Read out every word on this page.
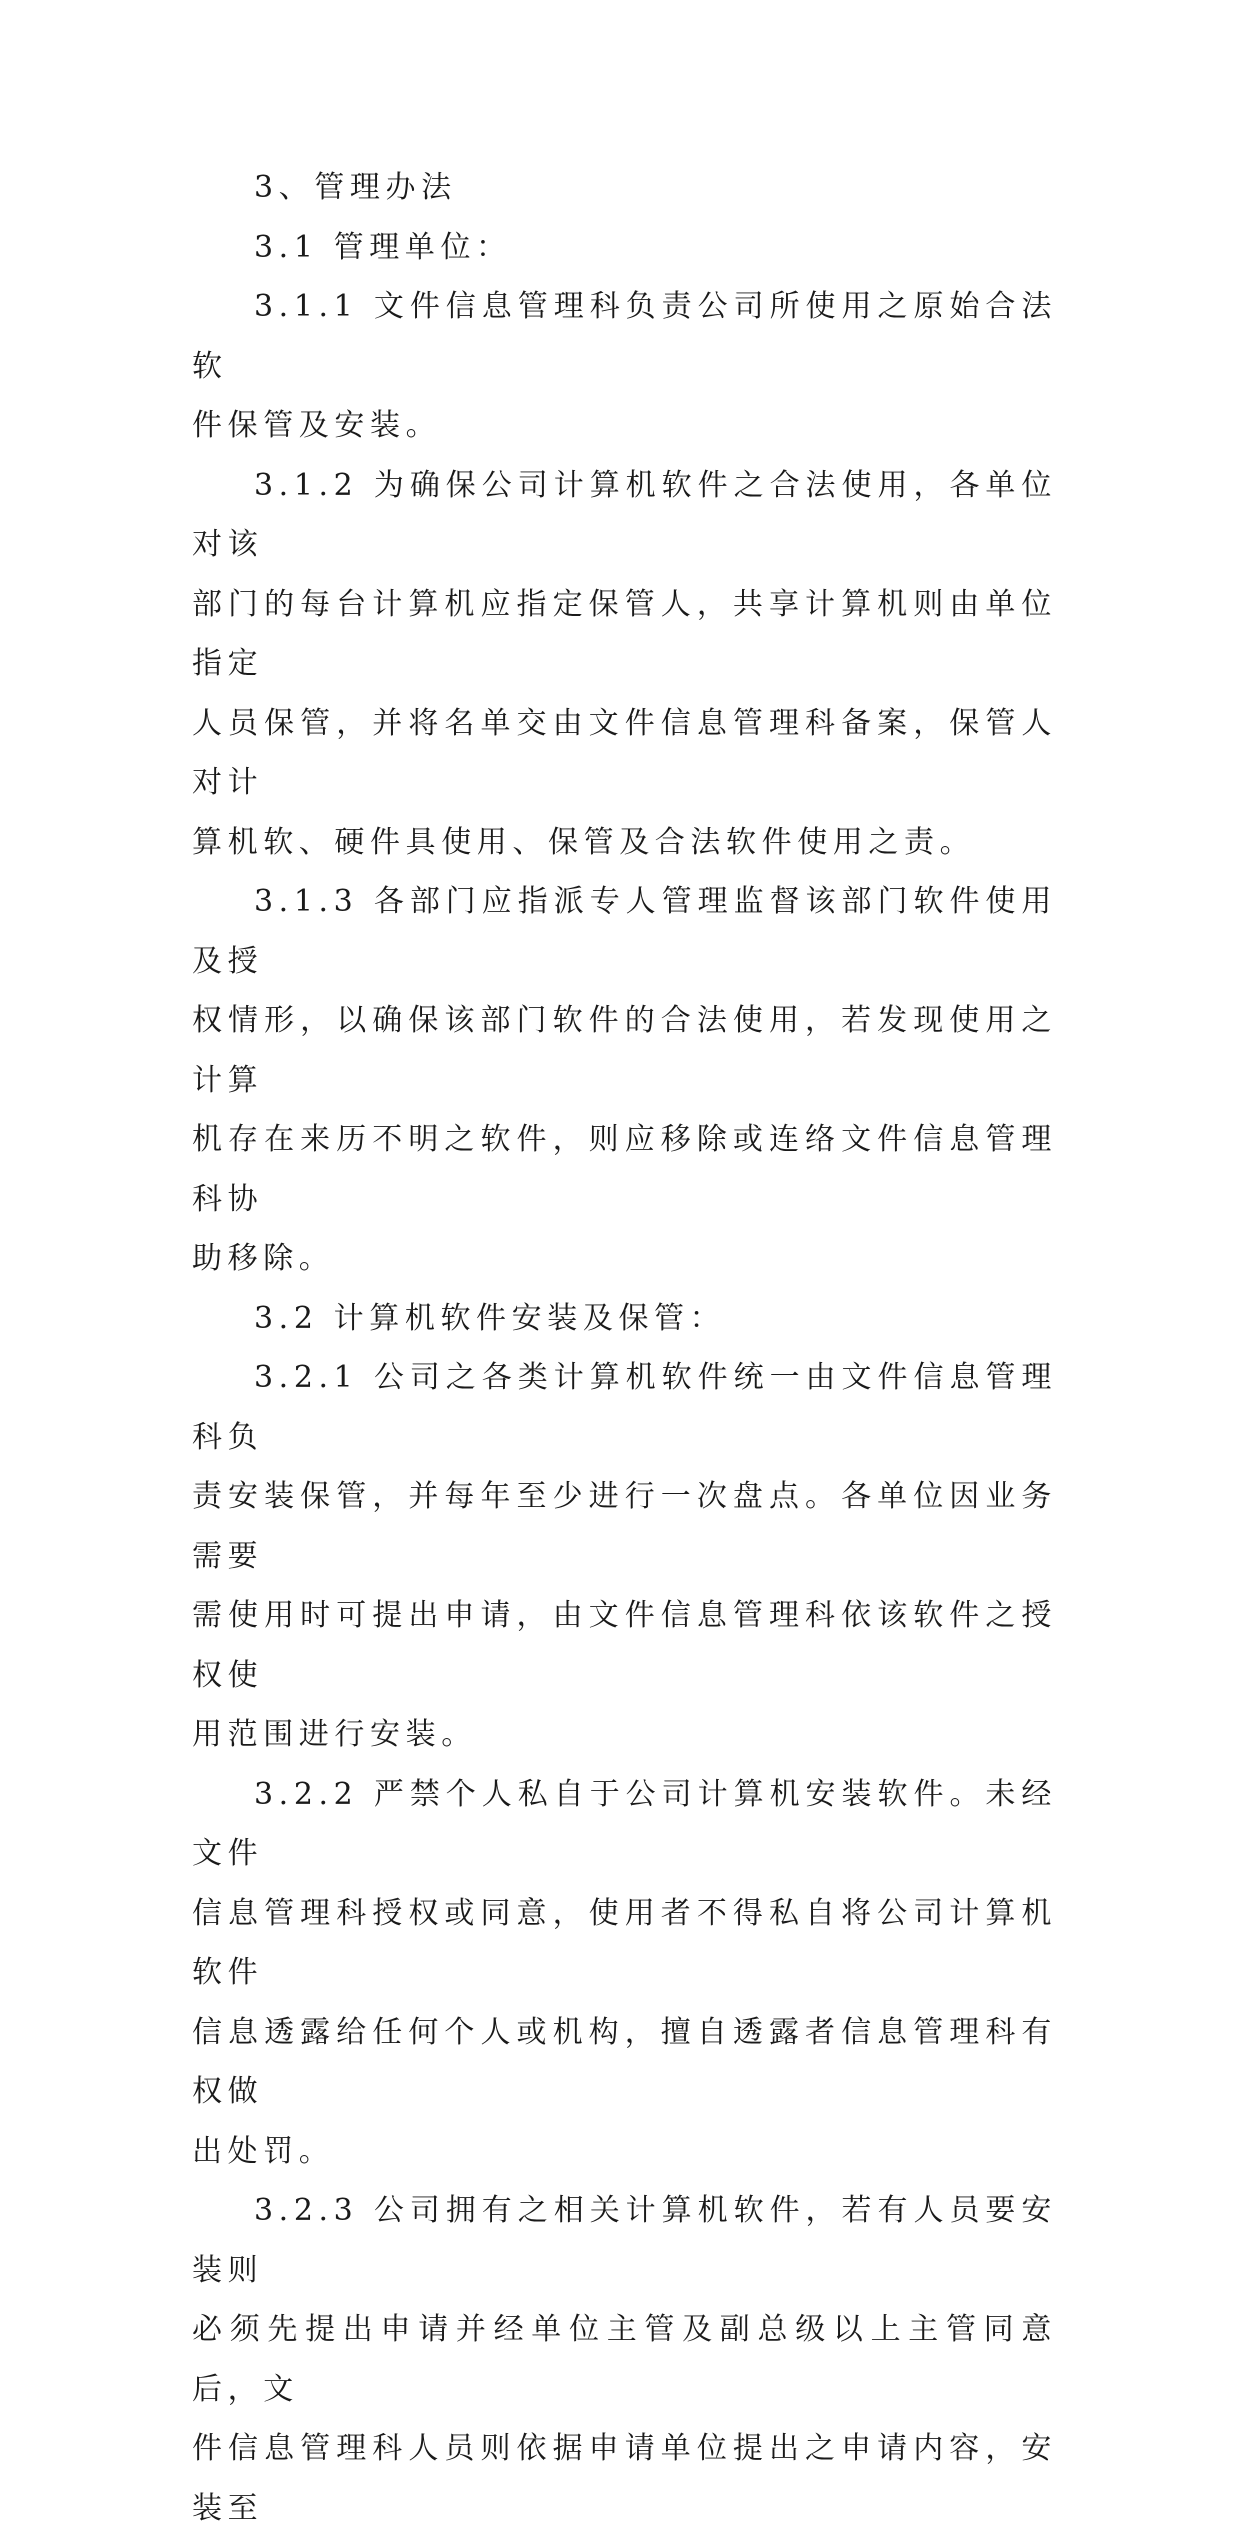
3、管理办法

3.1 管理单位：

3.1.1 文件信息管理科负责公司所使用之原始合法软
件保管及安装。

3.1.2 为确保公司计算机软件之合法使用，各单位对该
部门的每台计算机应指定保管人，共享计算机则由单位指定
人员保管，并将名单交由文件信息管理科备案，保管人对计
算机软、硬件具使用、保管及合法软件使用之责。

3.1.3 各部门应指派专人管理监督该部门软件使用及授
权情形，以确保该部门软件的合法使用，若发现使用之计算
机存在来历不明之软件，则应移除或连络文件信息管理科协
助移除。

3.2 计算机软件安装及保管：

3.2.1 公司之各类计算机软件统一由文件信息管理科负
责安装保管，并每年至少进行一次盘点。各单位因业务需要
需使用时可提出申请，由文件信息管理科依该软件之授权使
用范围进行安装。

3.2.2 严禁个人私自于公司计算机安装软件。未经文件
信息管理科授权或同意，使用者不得私自将公司计算机软件
信息透露给任何个人或机构，擅自透露者信息管理科有权做
出处罚。

3.2.3 公司拥有之相关计算机软件，若有人员要安装则
必须先提出申请并经单位主管及副总级以上主管同意后，文
件信息管理科人员则依据申请单位提出之申请内容，安装至
